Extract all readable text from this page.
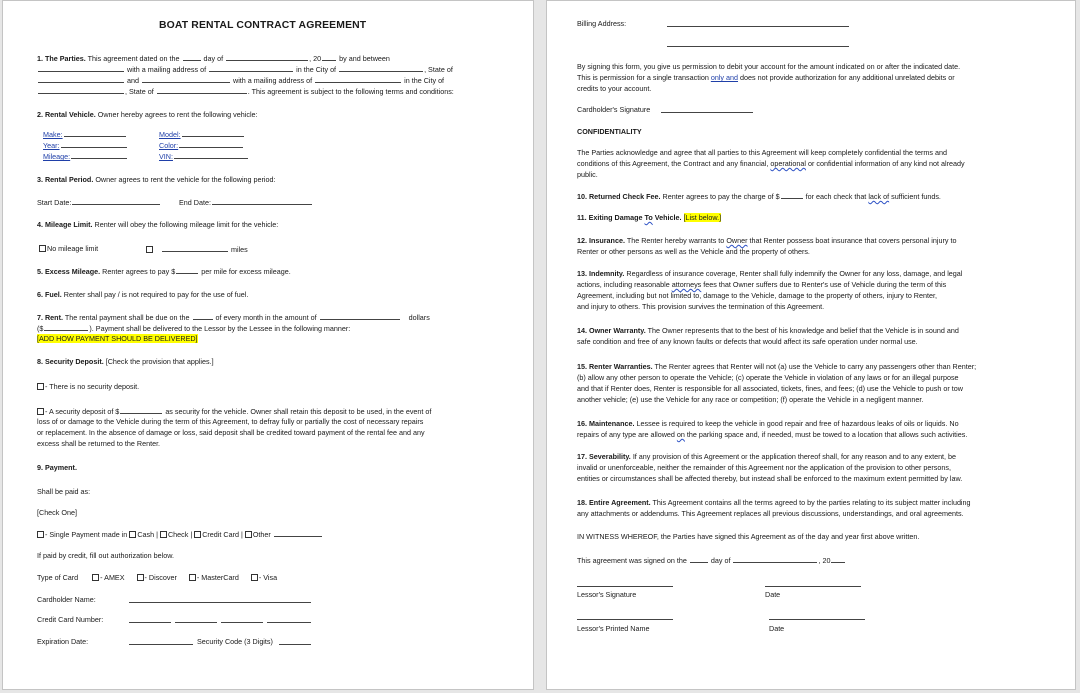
BOAT RENTAL CONTRACT AGREEMENT
1. The Parties. This agreement dated on the	day of	, 20	by and between
with a mailing address of	in the City of	, State of
and	with a mailing address of	in the City of
, State of	. This agreement is subject to the following terms and conditions:
2. Rental Vehicle. Owner hereby agrees to rent the following vehicle:
Make:	Model:
Year:	Color:
Mileage:	VIN:
3. Rental Period. Owner agrees to rent the vehicle for the following period:
Start Date:	End Date:
4. Mileage Limit. Renter will obey the following mileage limit for the vehicle:
No mileage limit	miles
5. Excess Mileage. Renter agrees to pay $	per mile for excess mileage.
6. Fuel. Renter shall pay / is not required to pay for the use of fuel.
7. Rent. The rental payment shall be due on the	of every month in the amount of	dollars
($	). Payment shall be delivered to the Lessor by the Lessee in the following manner:
[ADD HOW PAYMENT SHOULD BE DELIVERED]
8. Security Deposit. [Check the provision that applies.]
- There is no security deposit.
- A security deposit of $	as security for the vehicle. Owner shall retain this deposit to be used, in the event of
loss of or damage to the Vehicle during the term of this Agreement, to defray fully or partially the cost of necessary repairs
or replacement. In the absence of damage or loss, said deposit shall be credited toward payment of the rental fee and any
excess shall be returned to the Renter.
9. Payment.
Shall be paid as:
[Check One]
- Single Payment made in Cash | Check | Credit Card | Other
If paid by credit, fill out authorization below.
Type of Card	- AMEX	- Discover	- MasterCard	- Visa
Cardholder Name:
Credit Card Number:
Expiration Date:	Security Code (3 Digits)
Billing Address:
By signing this form, you give us permission to debit your account for the amount indicated on or after the indicated date.
This is permission for a single transaction only and does not provide authorization for any additional unrelated debits or
credits to your account.
Cardholder's Signature
CONFIDENTIALITY
The Parties acknowledge and agree that all parties to this Agreement will keep completely confidential the terms and
conditions of this Agreement, the Contract and any financial, operational or confidential information of any kind not already
public.
10. Returned Check Fee. Renter agrees to pay the charge of $	for each check that lack of sufficient funds.
11. Exiting Damage To Vehicle. [List below.]
12. Insurance. The Renter hereby warrants to Owner that Renter possess boat insurance that covers personal injury to
Renter or other persons as well as the Vehicle and the property of others.
13. Indemnity. Regardless of insurance coverage, Renter shall fully indemnify the Owner for any loss, damage, and legal
actions, including reasonable attorneys fees that Owner suffers due to Renter's use of Vehicle during the term of this
Agreement, including but not limited to, damage to the Vehicle, damage to the property of others, injury to Renter,
and injury to others. This provision survives the termination of this Agreement.
14. Owner Warranty. The Owner represents that to the best of his knowledge and belief that the Vehicle is in sound and
safe condition and free of any known faults or defects that would affect its safe operation under normal use.
15. Renter Warranties. The Renter agrees that Renter will not (a) use the Vehicle to carry any passengers other than Renter;
(b) allow any other person to operate the Vehicle; (c) operate the Vehicle in violation of any laws or for an illegal purpose
and that if Renter does, Renter is responsible for all associated, tickets, fines, and fees; (d) use the Vehicle to push or tow
another vehicle; (e) use the Vehicle for any race or competition; (f) operate the Vehicle in a negligent manner.
16. Maintenance. Lessee is required to keep the vehicle in good repair and free of hazardous leaks of oils or liquids. No
repairs of any type are allowed on the parking space and, if needed, must be towed to a location that allows such activities.
17. Severability. If any provision of this Agreement or the application thereof shall, for any reason and to any extent, be
invalid or unenforceable, neither the remainder of this Agreement nor the application of the provision to other persons,
entities or circumstances shall be affected thereby, but instead shall be enforced to the maximum extent permitted by law.
18. Entire Agreement. This Agreement contains all the terms agreed to by the parties relating to its subject matter including
any attachments or addendums. This Agreement replaces all previous discussions, understandings, and oral agreements.
IN WITNESS WHEREOF, the Parties have signed this Agreement as of the day and year first above written.
This agreement was signed on the	day of	, 20
Lessor's Signature	Date
Lessor's Printed Name	Date
